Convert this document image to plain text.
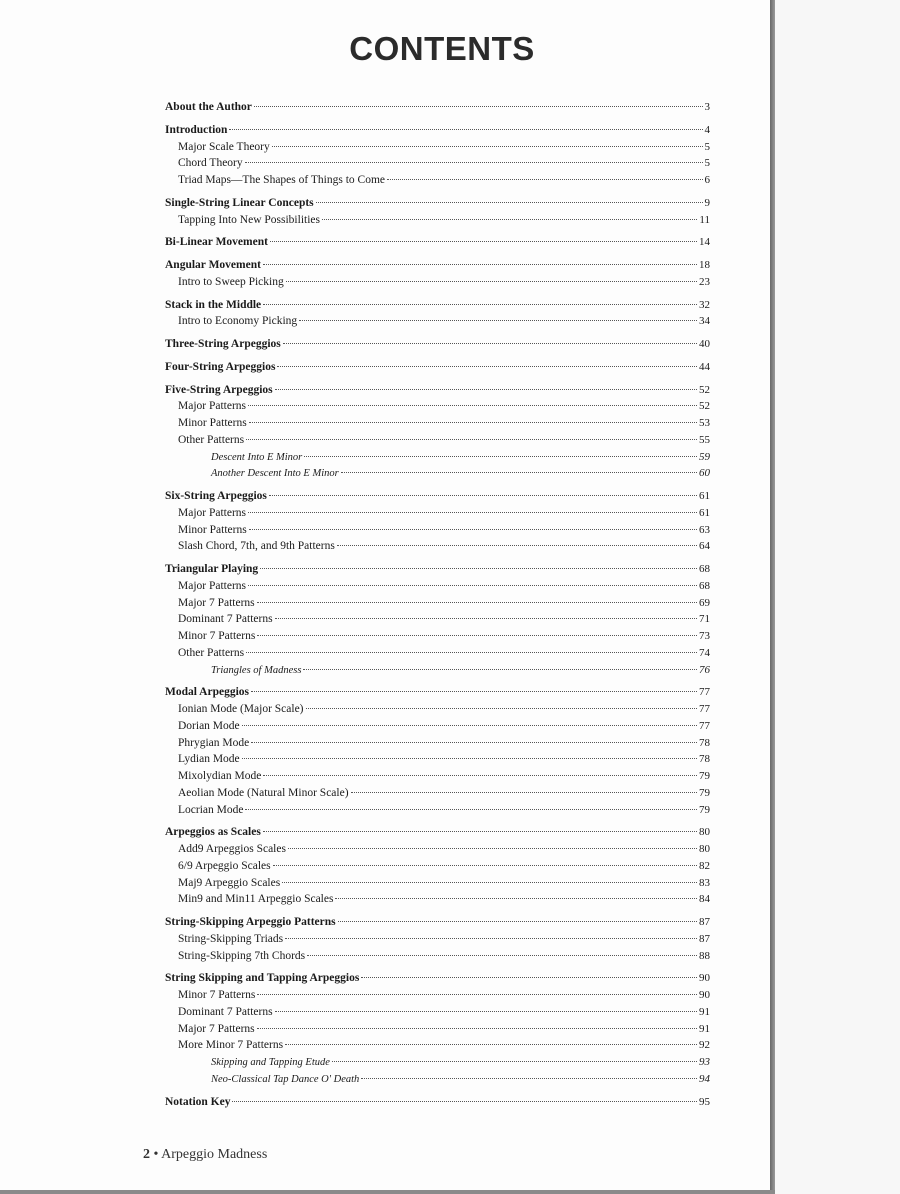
CONTENTS
About the Author	3
Introduction	4
Major Scale Theory	5
Chord Theory	5
Triad Maps—The Shapes of Things to Come	6
Single-String Linear Concepts	9
Tapping Into New Possibilities	11
Bi-Linear Movement	14
Angular Movement	18
Intro to Sweep Picking	23
Stack in the Middle	32
Intro to Economy Picking	34
Three-String Arpeggios	40
Four-String Arpeggios	44
Five-String Arpeggios	52
Major Patterns	52
Minor Patterns	53
Other Patterns	55
Descent Into E Minor	59
Another Descent Into E Minor	60
Six-String Arpeggios	61
Major Patterns	61
Minor Patterns	63
Slash Chord, 7th, and 9th Patterns	64
Triangular Playing	68
Major Patterns	68
Major 7 Patterns	69
Dominant 7 Patterns	71
Minor 7 Patterns	73
Other Patterns	74
Triangles of Madness	76
Modal Arpeggios	77
Ionian Mode (Major Scale)	77
Dorian Mode	77
Phrygian Mode	78
Lydian Mode	78
Mixolydian Mode	79
Aeolian Mode (Natural Minor Scale)	79
Locrian Mode	79
Arpeggios as Scales	80
Add9 Arpeggios Scales	80
6/9 Arpeggio Scales	82
Maj9 Arpeggio Scales	83
Min9 and Min11 Arpeggio Scales	84
String-Skipping Arpeggio Patterns	87
String-Skipping Triads	87
String-Skipping 7th Chords	88
String Skipping and Tapping Arpeggios	90
Minor 7 Patterns	90
Dominant 7 Patterns	91
Major 7 Patterns	91
More Minor 7 Patterns	92
Skipping and Tapping Etude	93
Neo-Classical Tap Dance O' Death	94
Notation Key	95
2 • Arpeggio Madness
